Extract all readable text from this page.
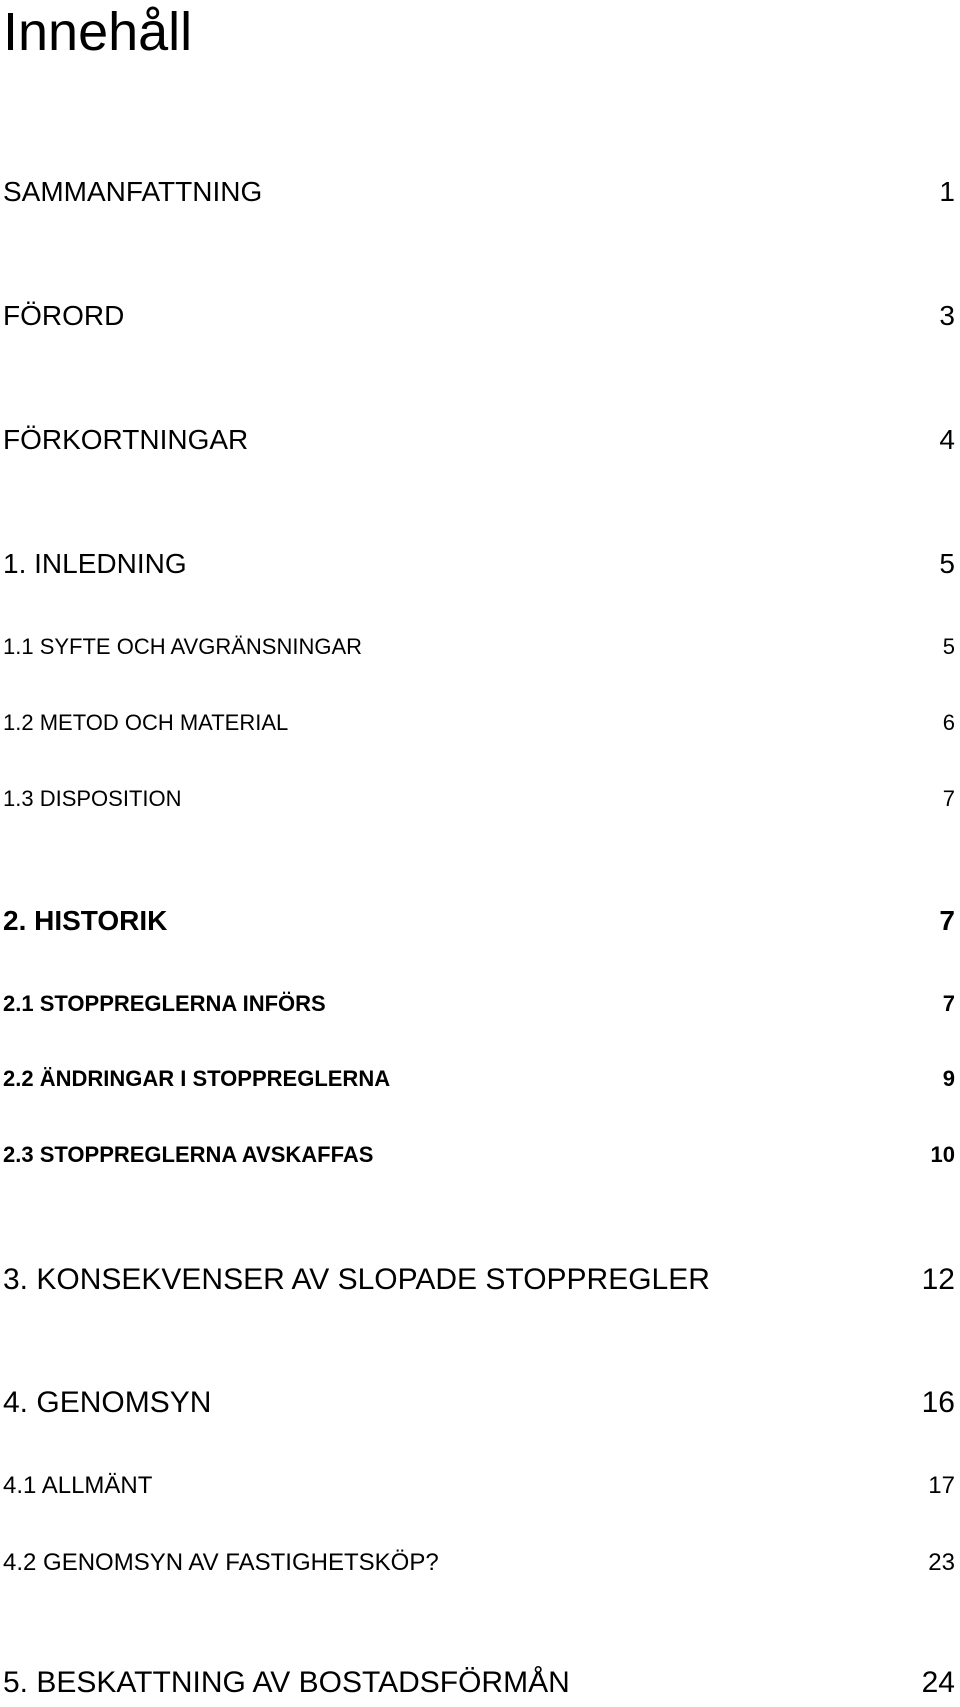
Innehåll
SAMMANFATTNING	1
FÖRORD	3
FÖRKORTNINGAR	4
1. INLEDNING	5
1.1 SYFTE OCH AVGRÄNSNINGAR	5
1.2 METOD OCH MATERIAL	6
1.3 DISPOSITION	7
2. HISTORIK	7
2.1 STOPPREGLERNA INFÖRS	7
2.2 ÄNDRINGAR I STOPPREGLERNA	9
2.3 STOPPREGLERNA AVSKAFFAS	10
3. KONSEKVENSER AV SLOPADE STOPPREGLER	12
4. GENOMSYN	16
4.1 ALLMÄNT	17
4.2 GENOMSYN AV FASTIGHETSKÖP?	23
5. BESKATTNING AV BOSTADSFÖRMÅN	24
